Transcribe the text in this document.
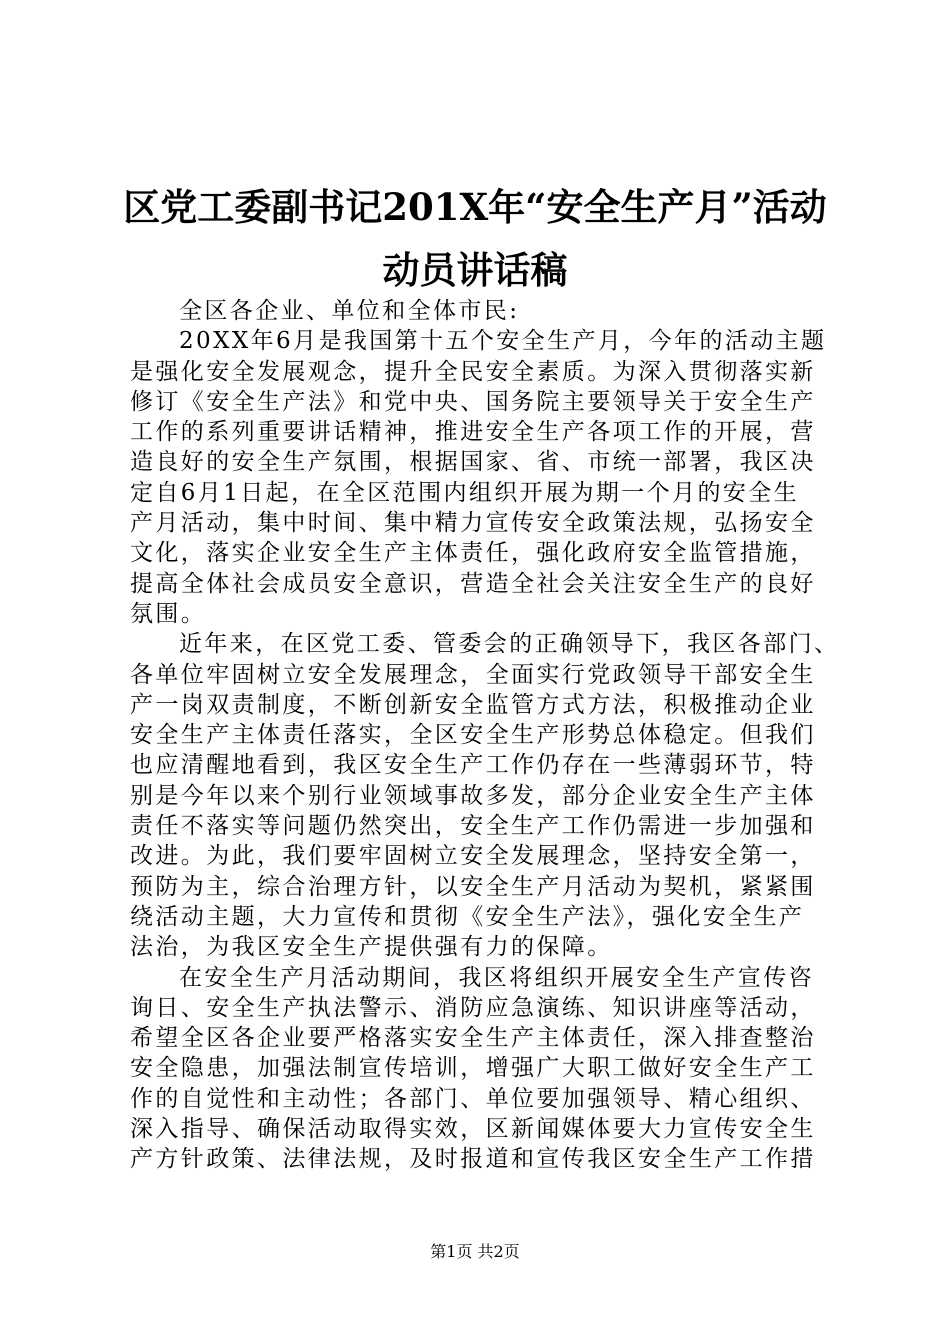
区党工委副书记201X年“安全生产月”活动
动员讲话稿
全区各企业、单位和全体市民:
20XX年6月是我国第十五个安全生产月，今年的活动主题
是强化安全发展观念，提升全民安全素质。为深入贯彻落实新
修订《安全生产法》和党中央、国务院主要领导关于安全生产
工作的系列重要讲话精神，推进安全生产各项工作的开展，营
造良好的安全生产氛围，根据国家、省、市统一部署，我区决
定自6月1日起，在全区范围内组织开展为期一个月的安全生
产月活动，集中时间、集中精力宣传安全政策法规，弘扬安全
文化，落实企业安全生产主体责任，强化政府安全监管措施，
提高全体社会成员安全意识，营造全社会关注安全生产的良好
氛围。
近年来，在区党工委、管委会的正确领导下，我区各部门、
各单位牢固树立安全发展理念，全面实行党政领导干部安全生
产一岗双责制度，不断创新安全监管方式方法，积极推动企业
安全生产主体责任落实，全区安全生产形势总体稳定。但我们
也应清醒地看到，我区安全生产工作仍存在一些薄弱环节，特
别是今年以来个别行业领域事故多发，部分企业安全生产主体
责任不落实等问题仍然突出，安全生产工作仍需进一步加强和
改进。为此，我们要牢固树立安全发展理念，坚持安全第一，
预防为主，综合治理方针，以安全生产月活动为契机，紧紧围
绕活动主题，大力宣传和贯彻《安全生产法》，强化安全生产
法治，为我区安全生产提供强有力的保障。
在安全生产月活动期间，我区将组织开展安全生产宣传咨
询日、安全生产执法警示、消防应急演练、知识讲座等活动，
希望全区各企业要严格落实安全生产主体责任，深入排查整治
安全隐患，加强法制宣传培训，增强广大职工做好安全生产工
作的自觉性和主动性；各部门、单位要加强领导、精心组织、
深入指导、确保活动取得实效，区新闻媒体要大力宣传安全生
产方针政策、法律法规，及时报道和宣传我区安全生产工作措
第1页 共2页
